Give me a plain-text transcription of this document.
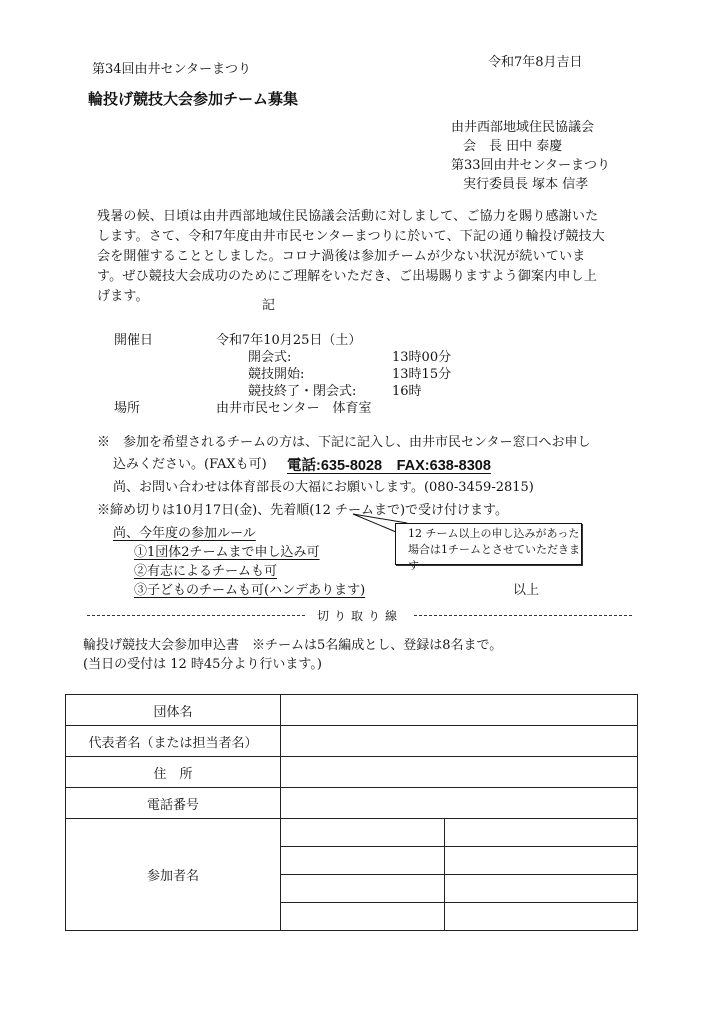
第34回由井センターまつり	令和7年8月吉日
輪投げ競技大会参加チーム募集
由井西部地域住民協議会
会　長 田中 泰慶
第33回由井センターまつり
実行委員長 塚本 信孝
残暑の候、日頃は由井西部地域住民協議会活動に対しまして、ご協力を賜り感謝いたします。さて、令和7年度由井市民センターまつりに於いて、下記の通り輪投げ競技大会を開催することとしました。コロナ渦後は参加チームが少ない状況が続いています。ぜひ競技大会成功のためにご理解をいただき、ご出場賜りますよう御案内申し上げます。
記
開催日	令和7年10月25日（土）
開会式:	13時00分
競技開始:	13時15分
競技終了・閉会式:	16時
場所	由井市民センター　体育室
※　参加を希望されるチームの方は、下記に記入し、由井市民センター窓口へお申し
込みください。(FAXも可) 電話:635-8028　FAX:638-8308
尚、お問い合わせは体育部長の大福にお願いします。(080-3459-2815)
※締め切りは10月17日(金)、先着順(12 チームまで)で受け付けます。
尚、今年度の参加ルール
①1団体2チームまで申し込み可
②有志によるチームも可
③子どものチームも可(ハンデあります)
12 チーム以上の申し込みがあった
場合は1チームとさせていただきます
以上
切り取り線
輪投げ競技大会参加申込書　※チームは5名編成とし、登録は8名まで。
(当日の受付は 12 時45分より行います。)
団体名		
代表者名（または担当者名）		
住　所		
電話番号		
参加者名		
